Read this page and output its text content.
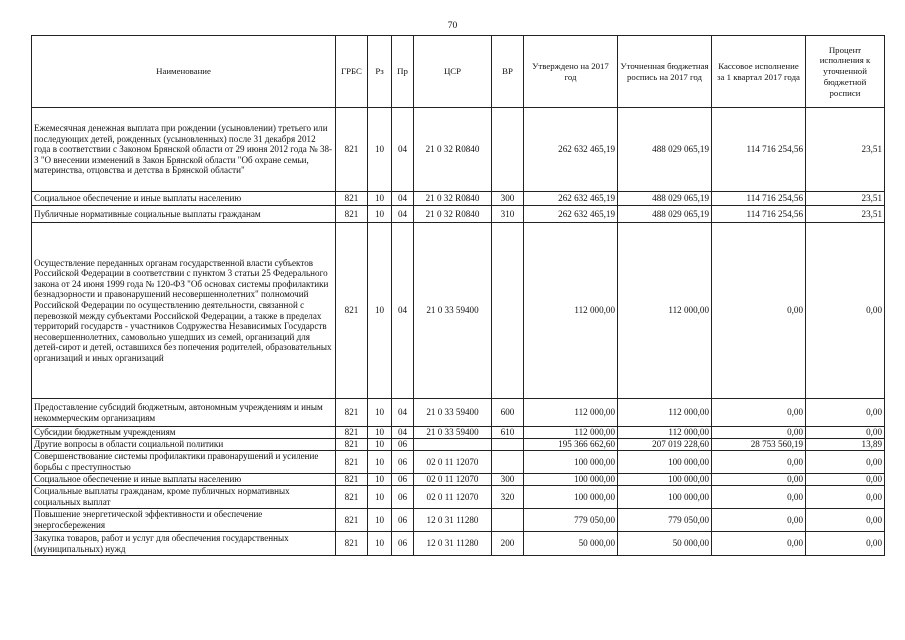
70
Наименование	ГРБС	Рз	Пр	ЦСР	ВР	Утверждено на 2017 год	Уточненная бюджетная роспись на 2017 год	Кассовое исполнение за 1 квартал 2017 года	Процент исполнения к уточненной бюджетной росписи
Ежемесячная денежная выплата при рождении (усыновлении) третьего или последующих детей, рожденных (усыновленных) после 31 декабря 2012 года в соответствии с Законом Брянской области от 29 июня 2012 года № 38-З "О внесении изменений в Закон Брянской области "Об охране семьи, материнства, отцовства и детства в Брянской области"	821	10	04	21 0 32 R0840		262 632 465,19	488 029 065,19	114 716 254,56	23,51
Социальное обеспечение и иные выплаты населению	821	10	04	21 0 32 R0840	300	262 632 465,19	488 029 065,19	114 716 254,56	23,51
Публичные нормативные социальные выплаты гражданам	821	10	04	21 0 32 R0840	310	262 632 465,19	488 029 065,19	114 716 254,56	23,51
Осуществление переданных органам государственной власти субъектов Российской Федерации в соответствии с пунктом 3 статьи 25 Федерального закона от 24 июня 1999 года № 120-ФЗ "Об основах системы профилактики безнадзорности и правонарушений несовершеннолетних" полномочий Российской Федерации по осуществлению деятельности, связанной с перевозкой между субъектами Российской Федерации, а также в пределах территорий государств - участников Содружества Независимых Государств несовершеннолетних, самовольно ушедших из семей, организаций для детей-сирот и детей, оставшихся без попечения родителей, образовательных организаций и иных организаций	821	10	04	21 0 33 59400		112 000,00	112 000,00	0,00	0,00
Предоставление субсидий бюджетным, автономным учреждениям и иным некоммерческим организациям	821	10	04	21 0 33 59400	600	112 000,00	112 000,00	0,00	0,00
Субсидии бюджетным учреждениям	821	10	04	21 0 33 59400	610	112 000,00	112 000,00	0,00	0,00
Другие вопросы в области социальной политики	821	10	06			195 366 662,60	207 019 228,60	28 753 560,19	13,89
Совершенствование системы профилактики правонарушений и усиление борьбы с преступностью	821	10	06	02 0 11 12070		100 000,00	100 000,00	0,00	0,00
Социальное обеспечение и иные выплаты населению	821	10	06	02 0 11 12070	300	100 000,00	100 000,00	0,00	0,00
Социальные выплаты гражданам, кроме публичных нормативных социальных выплат	821	10	06	02 0 11 12070	320	100 000,00	100 000,00	0,00	0,00
Повышение энергетической эффективности и обеспечение энергосбережения	821	10	06	12 0 31 11280		779 050,00	779 050,00	0,00	0,00
Закупка товаров, работ и услуг для обеспечения государственных (муниципальных) нужд	821	10	06	12 0 31 11280	200	50 000,00	50 000,00	0,00	0,00
